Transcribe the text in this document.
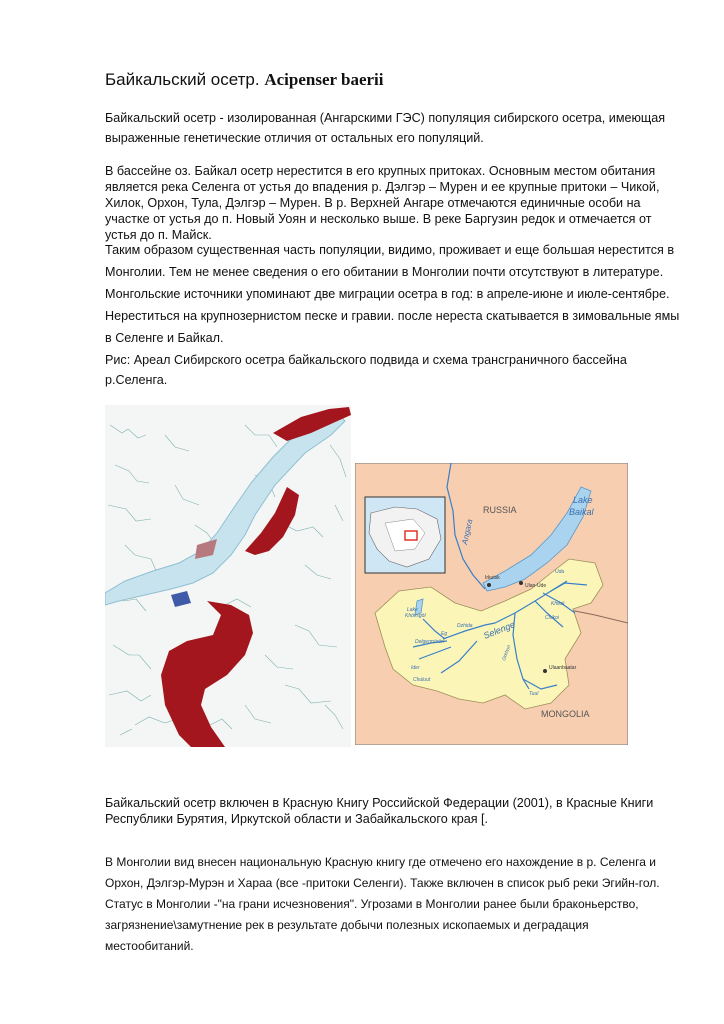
Байкальский осетр. Acipenser baerii
Байкальский осетр - изолированная (Ангарскими ГЭС) популяция сибирского осетра, имеющая выраженные генетические отличия от остальных его популяций.
В бассейне оз. Байкал осетр нерестится в его крупных притоках. Основным местом обитания является река Селенга от устья до впадения р. Дэлгэр – Мурен и ее крупные притоки – Чикой, Хилок, Орхон, Тула, Дэлгэр – Мурен. В р. Верхней Ангаре отмечаются единичные особи на участке от устья до п. Новый Уоян и несколько выше. В реке Баргузин редок и отмечается от устья до п. Майск.
Таким образом существенная часть популяции, видимо, проживает и еще большая нерестится в Монголии. Тем не менее сведения о его обитании в Монголии почти отсутствуют в литературе. Монгольские источники упоминают две миграции осетра в год: в апреле-июне и июле-сентябре. Нереститься на крупнозернистом песке и гравии. после нереста скатывается в зимовальные ямы в Селенге и Байкал.
Рис: Ареал Сибирского осетра байкальского подвида и схема трансграничного бассейна р.Селенга.
RUSSIA
MONGOLIA
Lake
Baikal
Angara
Irkutsk
Ulan-Ude
Uda
Khilok
Chikoi
Lake
Khövsgöl
Dzhida
Eg
Delgermörön
Selenge
Orkhon
Ider
Chuluut
Tuul
Ulaanbaatar
Байкальский осетр включен в Красную Книгу Российской Федерации (2001), в Красные Книги Республики Бурятия, Иркутской области и Забайкальского края [.
В Монголии вид внесен национальную Красную книгу где отмечено его нахождение в р. Селенга и Орхон, Дэлгэр-Мурэн и Хараа (все -притоки Селенги). Также включен в список рыб реки Эгийн-гол. Статус в Монголии -"на грани исчезновения". Угрозами в Монголии ранее были браконьерство, загрязнение\замутнение рек в результате добычи полезных ископаемых и деградация местообитаний.
